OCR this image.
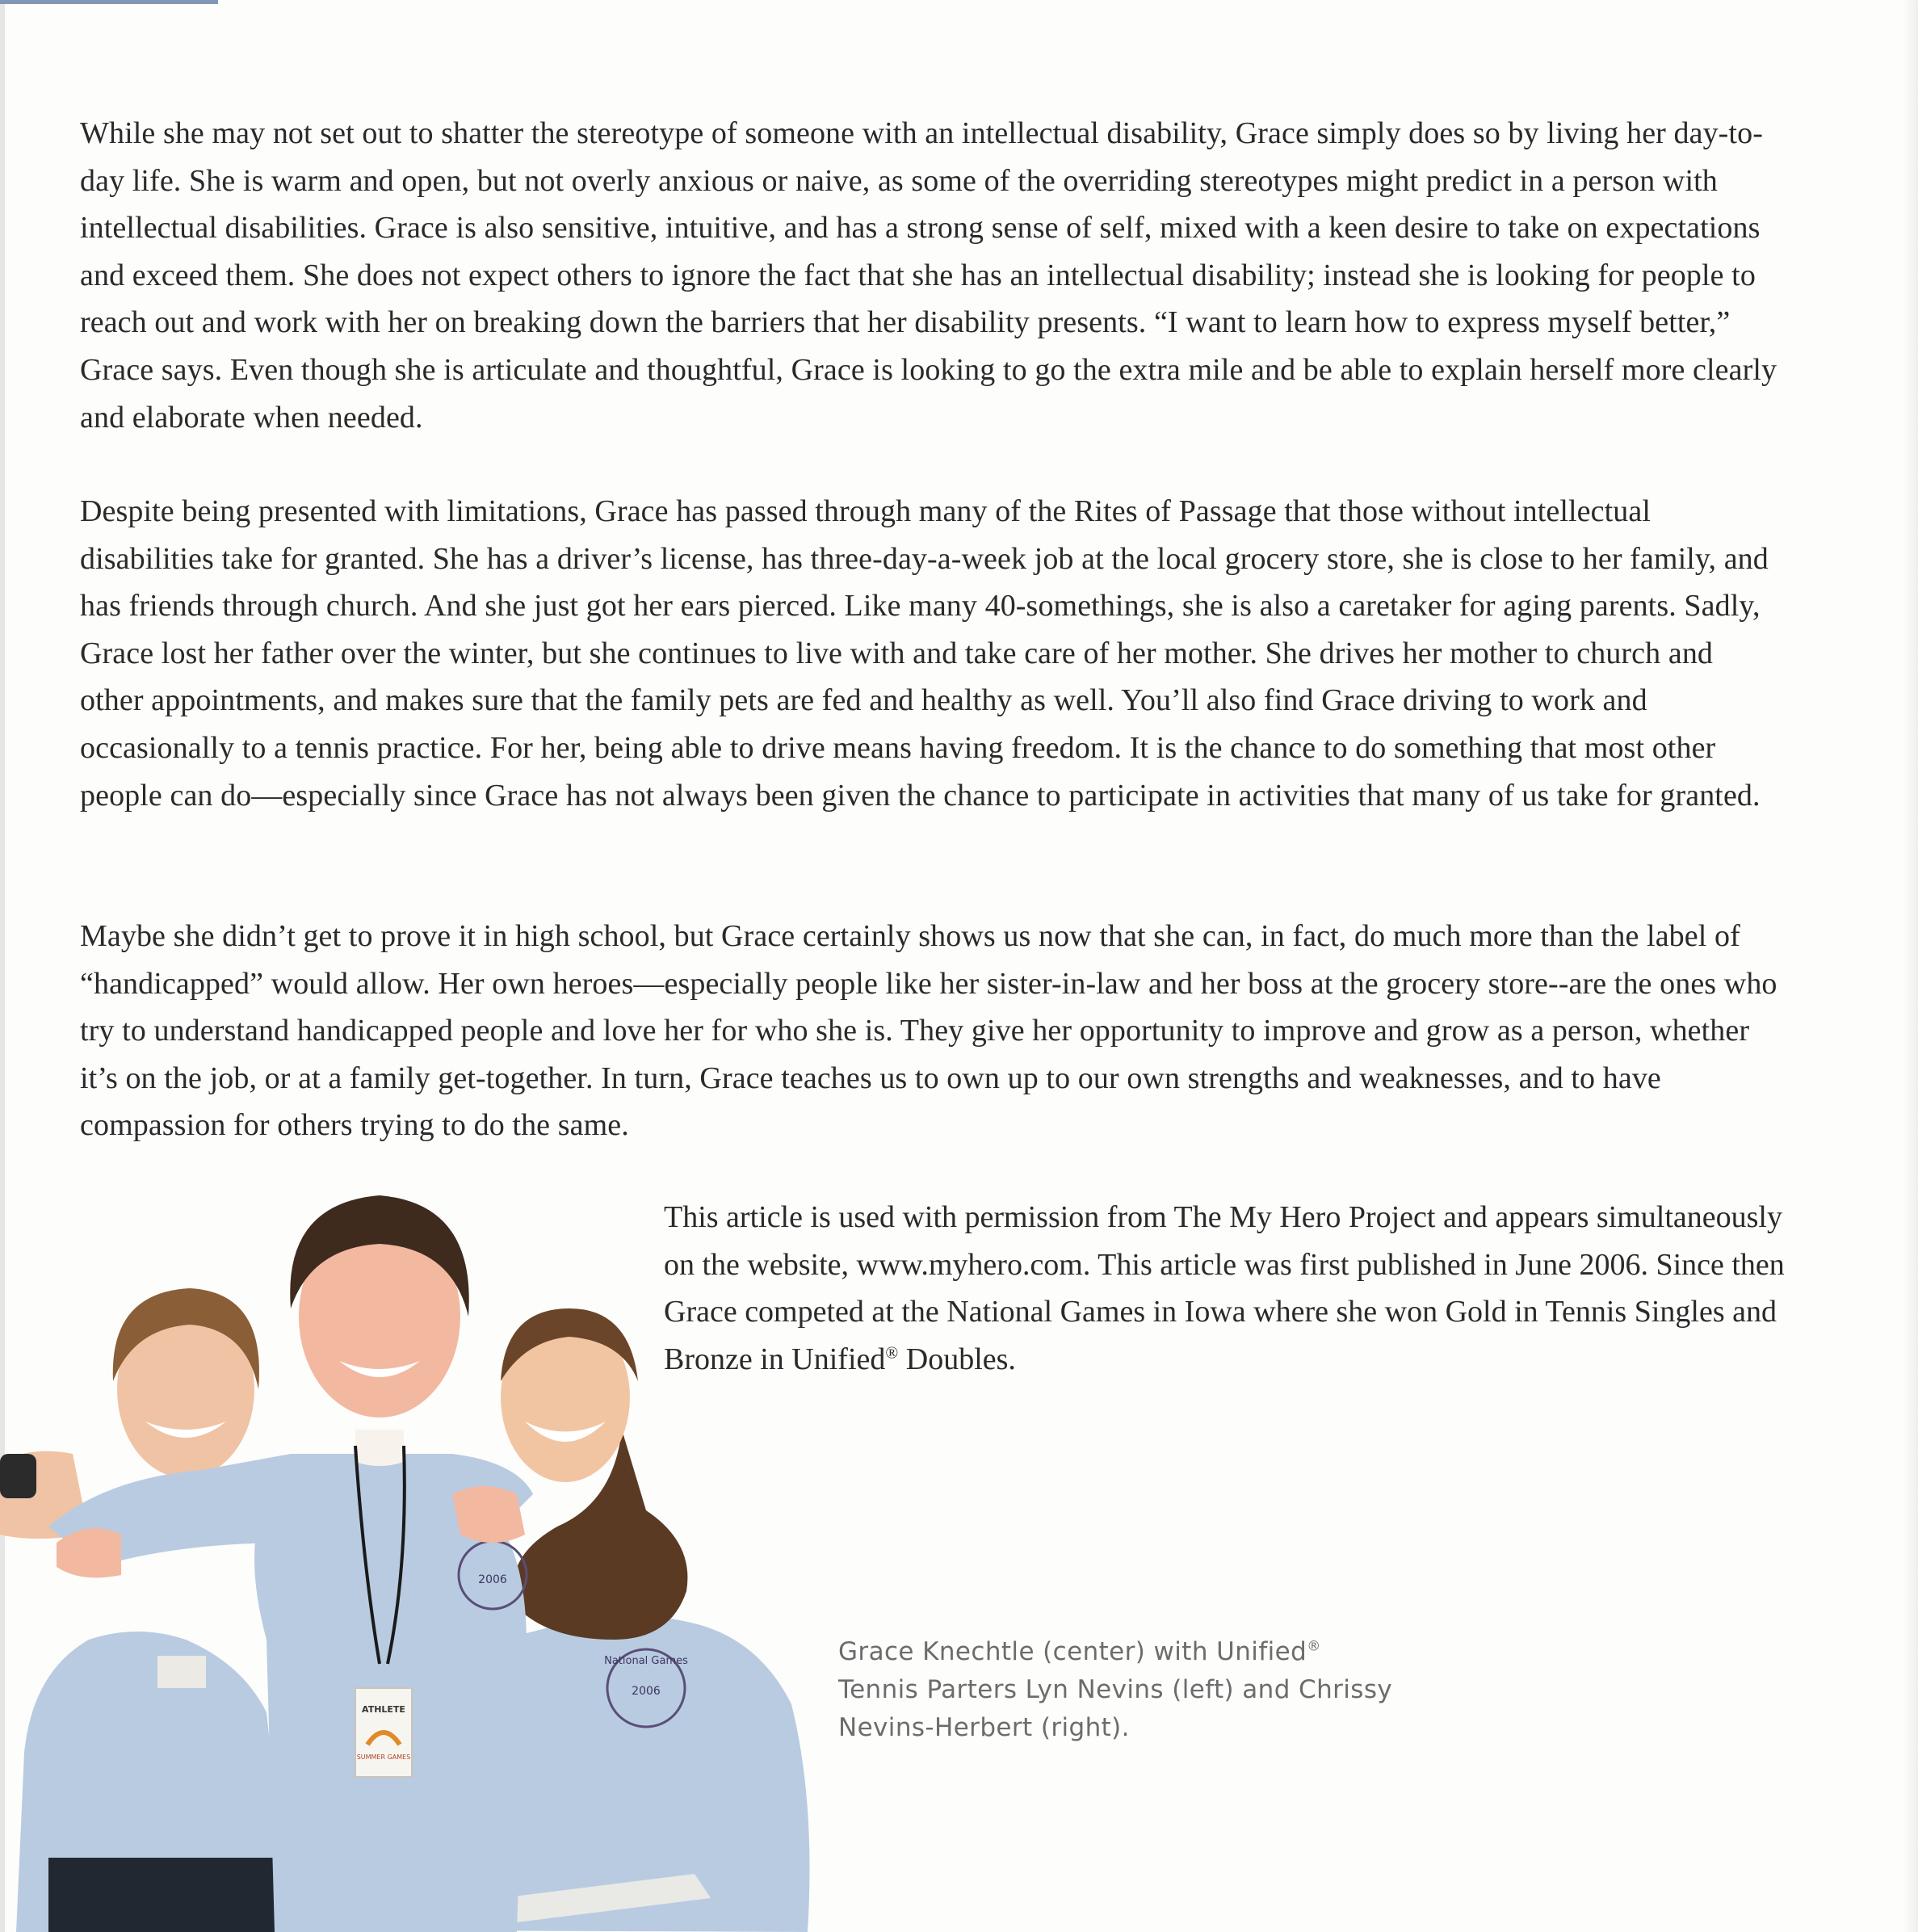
While she may not set out to shatter the stereotype of someone with an intellectual disability, Grace simply does so by living her day-to-day life. She is warm and open, but not overly anxious or naive, as some of the overriding stereotypes might predict in a person with intellectual disabilities. Grace is also sensitive, intuitive, and has a strong sense of self, mixed with a keen desire to take on expectations and exceed them. She does not expect others to ignore the fact that she has an intellectual disability; instead she is looking for people to reach out and work with her on breaking down the barriers that her disability presents. “I want to learn how to express myself better,” Grace says. Even though she is articulate and thoughtful, Grace is looking to go the extra mile and be able to explain herself more clearly and elaborate when needed.

Despite being presented with limitations, Grace has passed through many of the Rites of Passage that those without intellectual disabilities take for granted. She has a driver’s license, has three-day-a-week job at the local grocery store, she is close to her family, and has friends through church. And she just got her ears pierced. Like many 40-somethings, she is also a caretaker for aging parents. Sadly, Grace lost her father over the winter, but she continues to live with and take care of her mother. She drives her mother to church and other appointments, and makes sure that the family pets are fed and healthy as well. You’ll also find Grace driving to work and occasionally to a tennis practice. For her, being able to drive means having freedom. It is the chance to do something that most other people can do—especially since Grace has not always been given the chance to participate in activities that many of us take for granted.

Maybe she didn’t get to prove it in high school, but Grace certainly shows us now that she can, in fact, do much more than the label of “handicapped” would allow. Her own heroes—especially people like her sister-in-law and her boss at the grocery store--are the ones who try to understand handicapped people and love her for who she is. They give her opportunity to improve and grow as a person, whether it’s on the job, or at a family get-together. In turn, Grace teaches us to own up to our own strengths and weaknesses, and to have compassion for others trying to do the same.

This article is used with permission from The My Hero Project and appears simultaneously on the website, www.myhero.com. This article was first published in June 2006. Since then Grace competed at the National Games in Iowa where she won Gold in Tennis Singles and Bronze in Unified® Doubles.

Grace Knechtle (center) with Unified®
Tennis Parters Lyn Nevins (left) and Chrissy Nevins-Herbert (right).

National Games
2006
ATHLETE
SUMMER GAMES
2006
